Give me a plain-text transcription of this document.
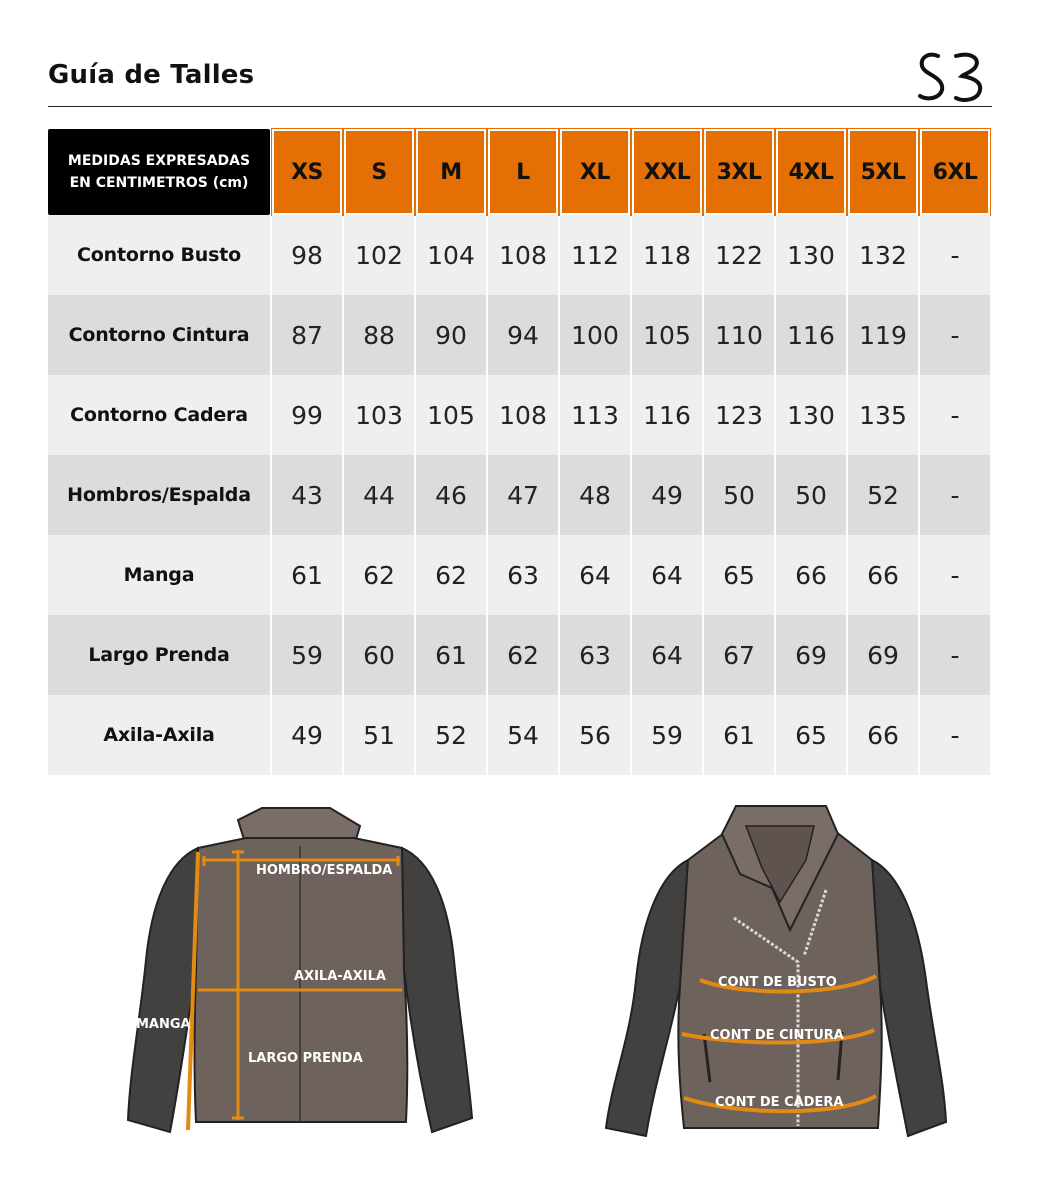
Guía de Talles
MEDIDAS EXPRESADAS
EN CENTIMETROS (cm)	XS S M L XL XXL 3XL 4XL 5XL 6XL
Contorno Busto	98	102 104 108 112 118 122 130 132	-
Contorno Cintura	87	88	90	94	100 105 110 116 119	-
Contorno Cadera	99	103 105 108 113 116 123 130 135	-
Hombros/Espalda	43	44	46	47	48	49	50	50	52	-
Manga	61	62	62	63	64	64	65	66	66	-
Largo Prenda	59	60	61	62	63	64	67	69	69	-
Axila-Axila	49	51	52	54	56	59	61	65	66	-
HOMBRO/ESPALDA
AXILA-AXILA
MANGA
LARGO PRENDA
CONT DE BUSTO
CONT DE CINTURA
CONT DE CADERA
